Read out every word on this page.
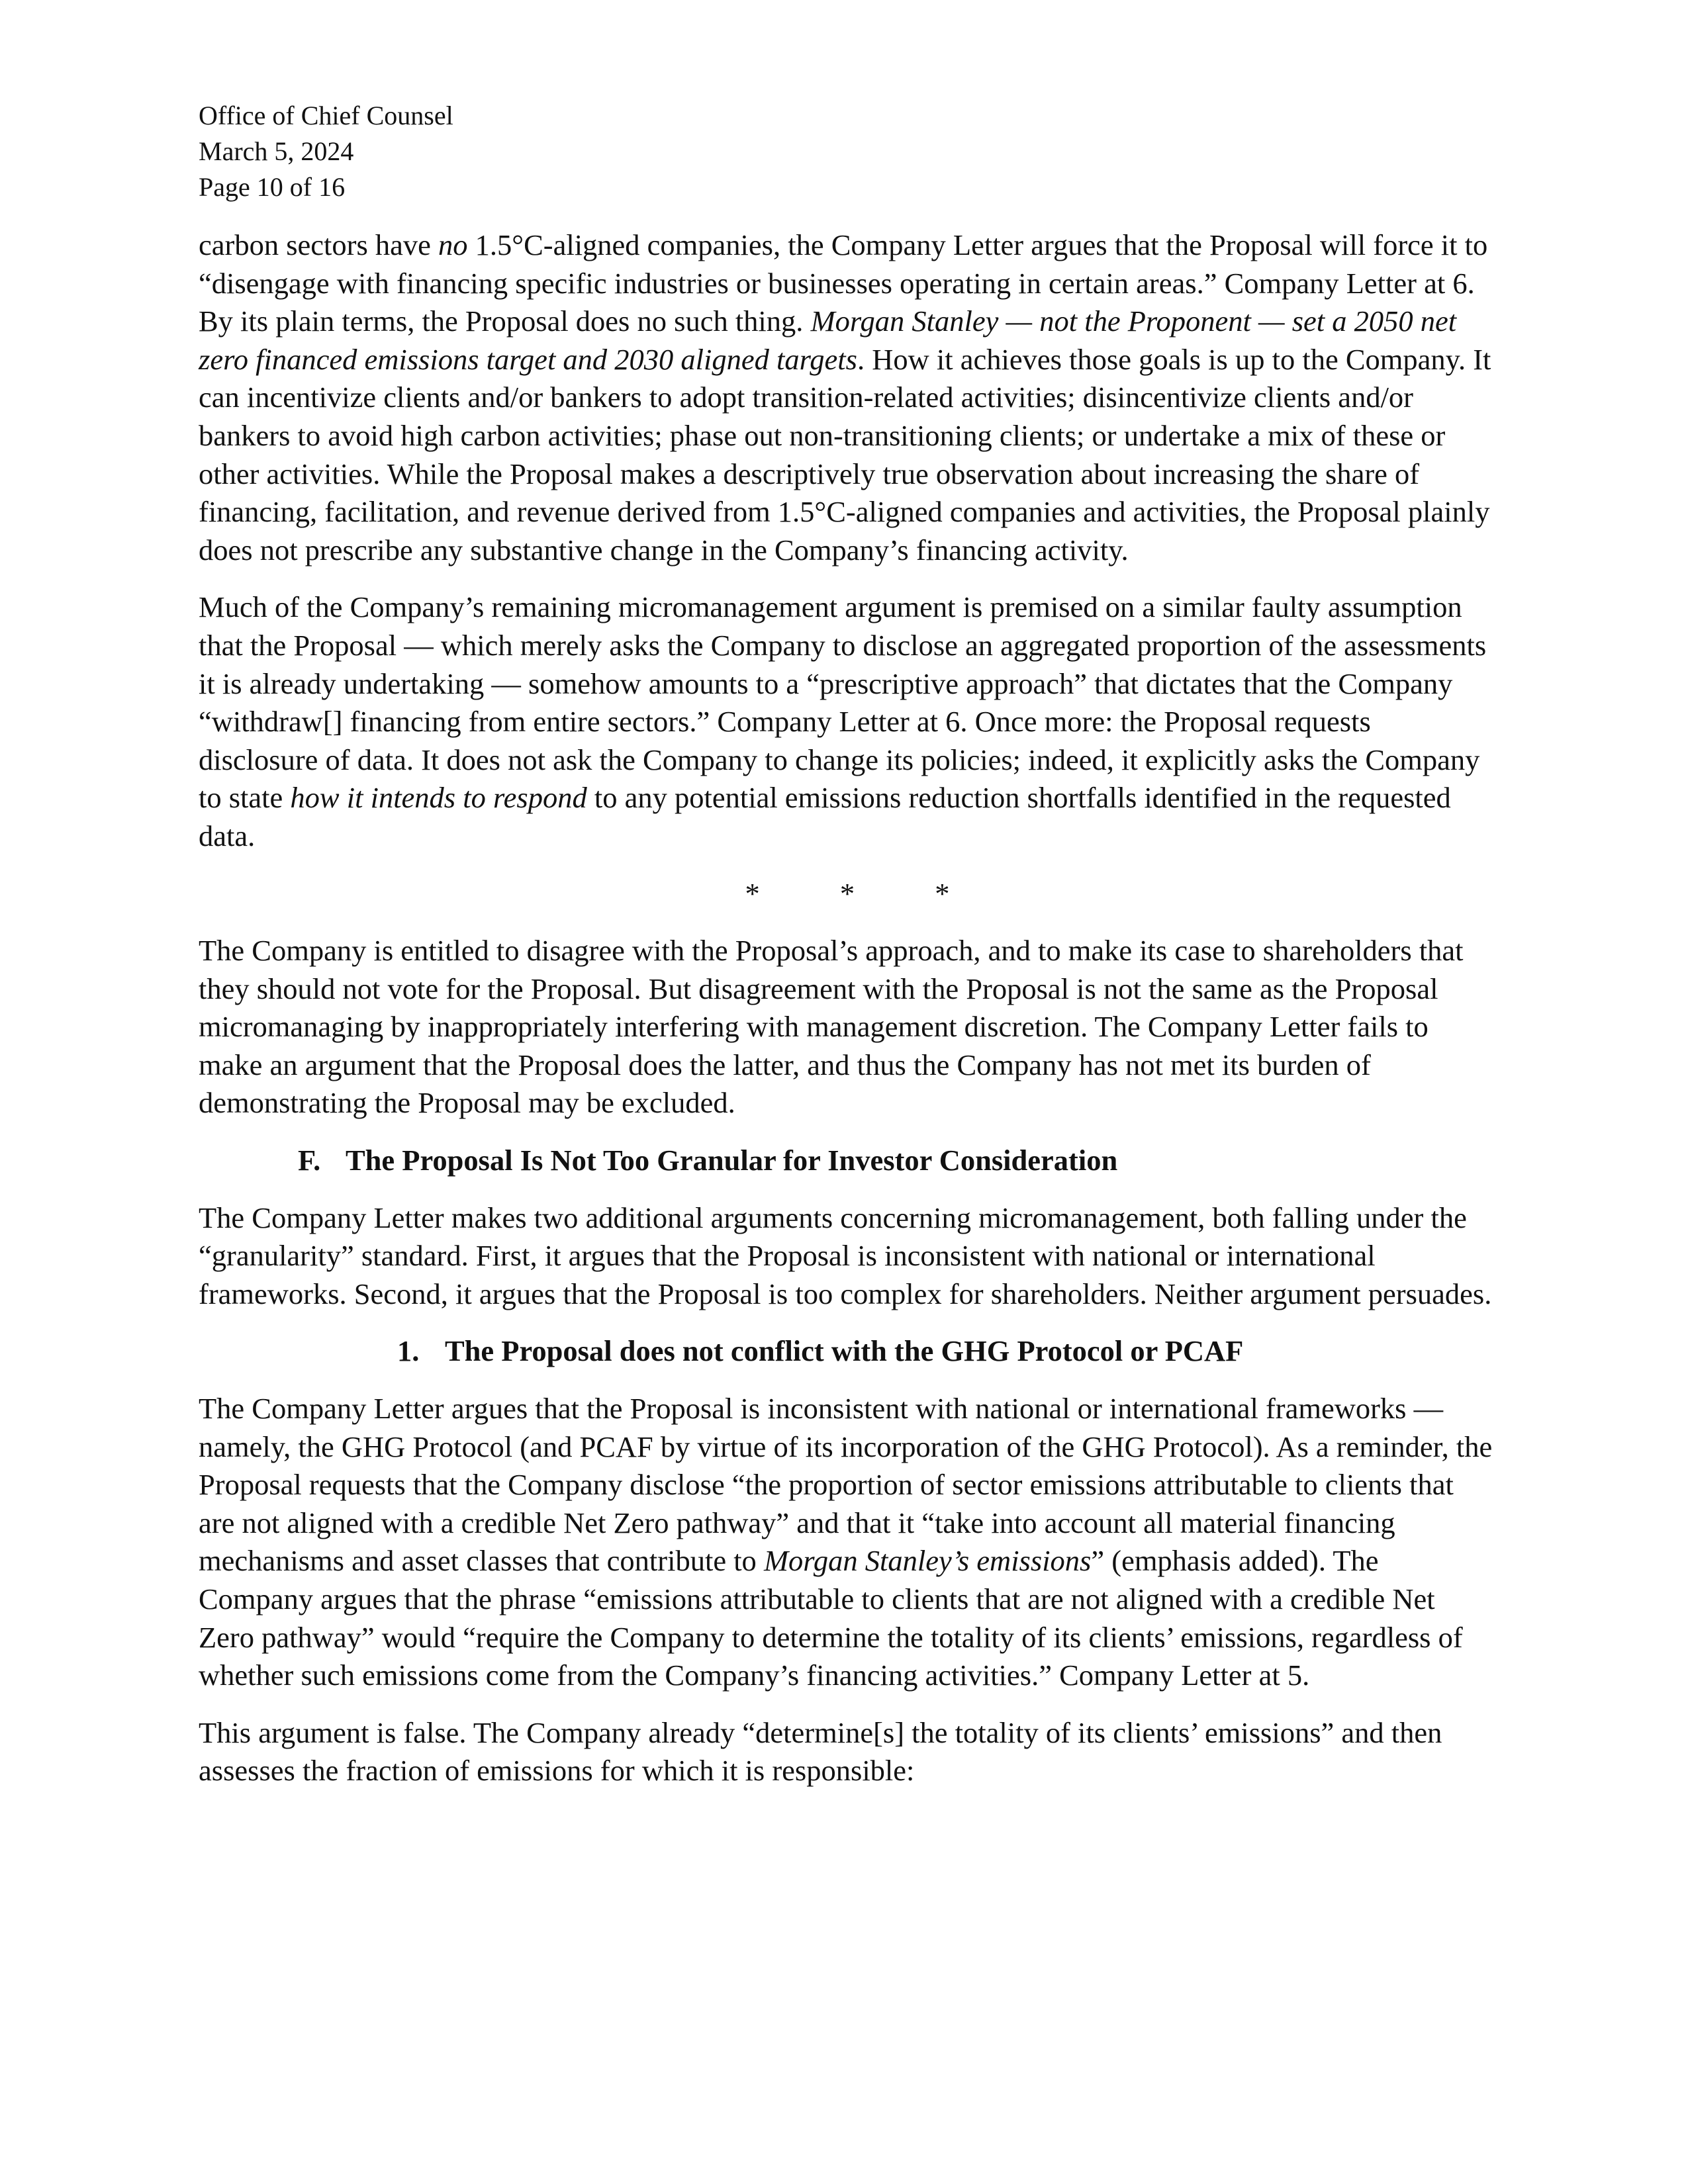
Office of Chief Counsel

March 5, 2024

Page 10 of 16

carbon sectors have no 1.5°C-aligned companies, the Company Letter argues that the Proposal will force it to “disengage with financing specific industries or businesses operating in certain areas.” Company Letter at 6. By its plain terms, the Proposal does no such thing. Morgan Stanley — not the Proponent — set a 2050 net zero financed emissions target and 2030 aligned targets. How it achieves those goals is up to the Company. It can incentivize clients and/or bankers to adopt transition-related activities; disincentivize clients and/or bankers to avoid high carbon activities; phase out non-transitioning clients; or undertake a mix of these or other activities. While the Proposal makes a descriptively true observation about increasing the share of financing, facilitation, and revenue derived from 1.5°C-aligned companies and activities, the Proposal plainly does not prescribe any substantive change in the Company’s financing activity.

Much of the Company’s remaining micromanagement argument is premised on a similar faulty assumption that the Proposal — which merely asks the Company to disclose an aggregated proportion of the assessments it is already undertaking — somehow amounts to a “prescriptive approach” that dictates that the Company “withdraw[] financing from entire sectors.” Company Letter at 6. Once more: the Proposal requests disclosure of data. It does not ask the Company to change its policies; indeed, it explicitly asks the Company to state how it intends to respond to any potential emissions reduction shortfalls identified in the requested data.

* * *

The Company is entitled to disagree with the Proposal’s approach, and to make its case to shareholders that they should not vote for the Proposal. But disagreement with the Proposal is not the same as the Proposal micromanaging by inappropriately interfering with management discretion. The Company Letter fails to make an argument that the Proposal does the latter, and thus the Company has not met its burden of demonstrating the Proposal may be excluded.

F. The Proposal Is Not Too Granular for Investor Consideration

The Company Letter makes two additional arguments concerning micromanagement, both falling under the “granularity” standard. First, it argues that the Proposal is inconsistent with national or international frameworks. Second, it argues that the Proposal is too complex for shareholders. Neither argument persuades.

1. The Proposal does not conflict with the GHG Protocol or PCAF

The Company Letter argues that the Proposal is inconsistent with national or international frameworks — namely, the GHG Protocol (and PCAF by virtue of its incorporation of the GHG Protocol). As a reminder, the Proposal requests that the Company disclose “the proportion of sector emissions attributable to clients that are not aligned with a credible Net Zero pathway” and that it “take into account all material financing mechanisms and asset classes that contribute to Morgan Stanley’s emissions” (emphasis added). The Company argues that the phrase “emissions attributable to clients that are not aligned with a credible Net Zero pathway” would “require the Company to determine the totality of its clients’ emissions, regardless of whether such emissions come from the Company’s financing activities.” Company Letter at 5.

This argument is false. The Company already “determine[s] the totality of its clients’ emissions” and then assesses the fraction of emissions for which it is responsible:
